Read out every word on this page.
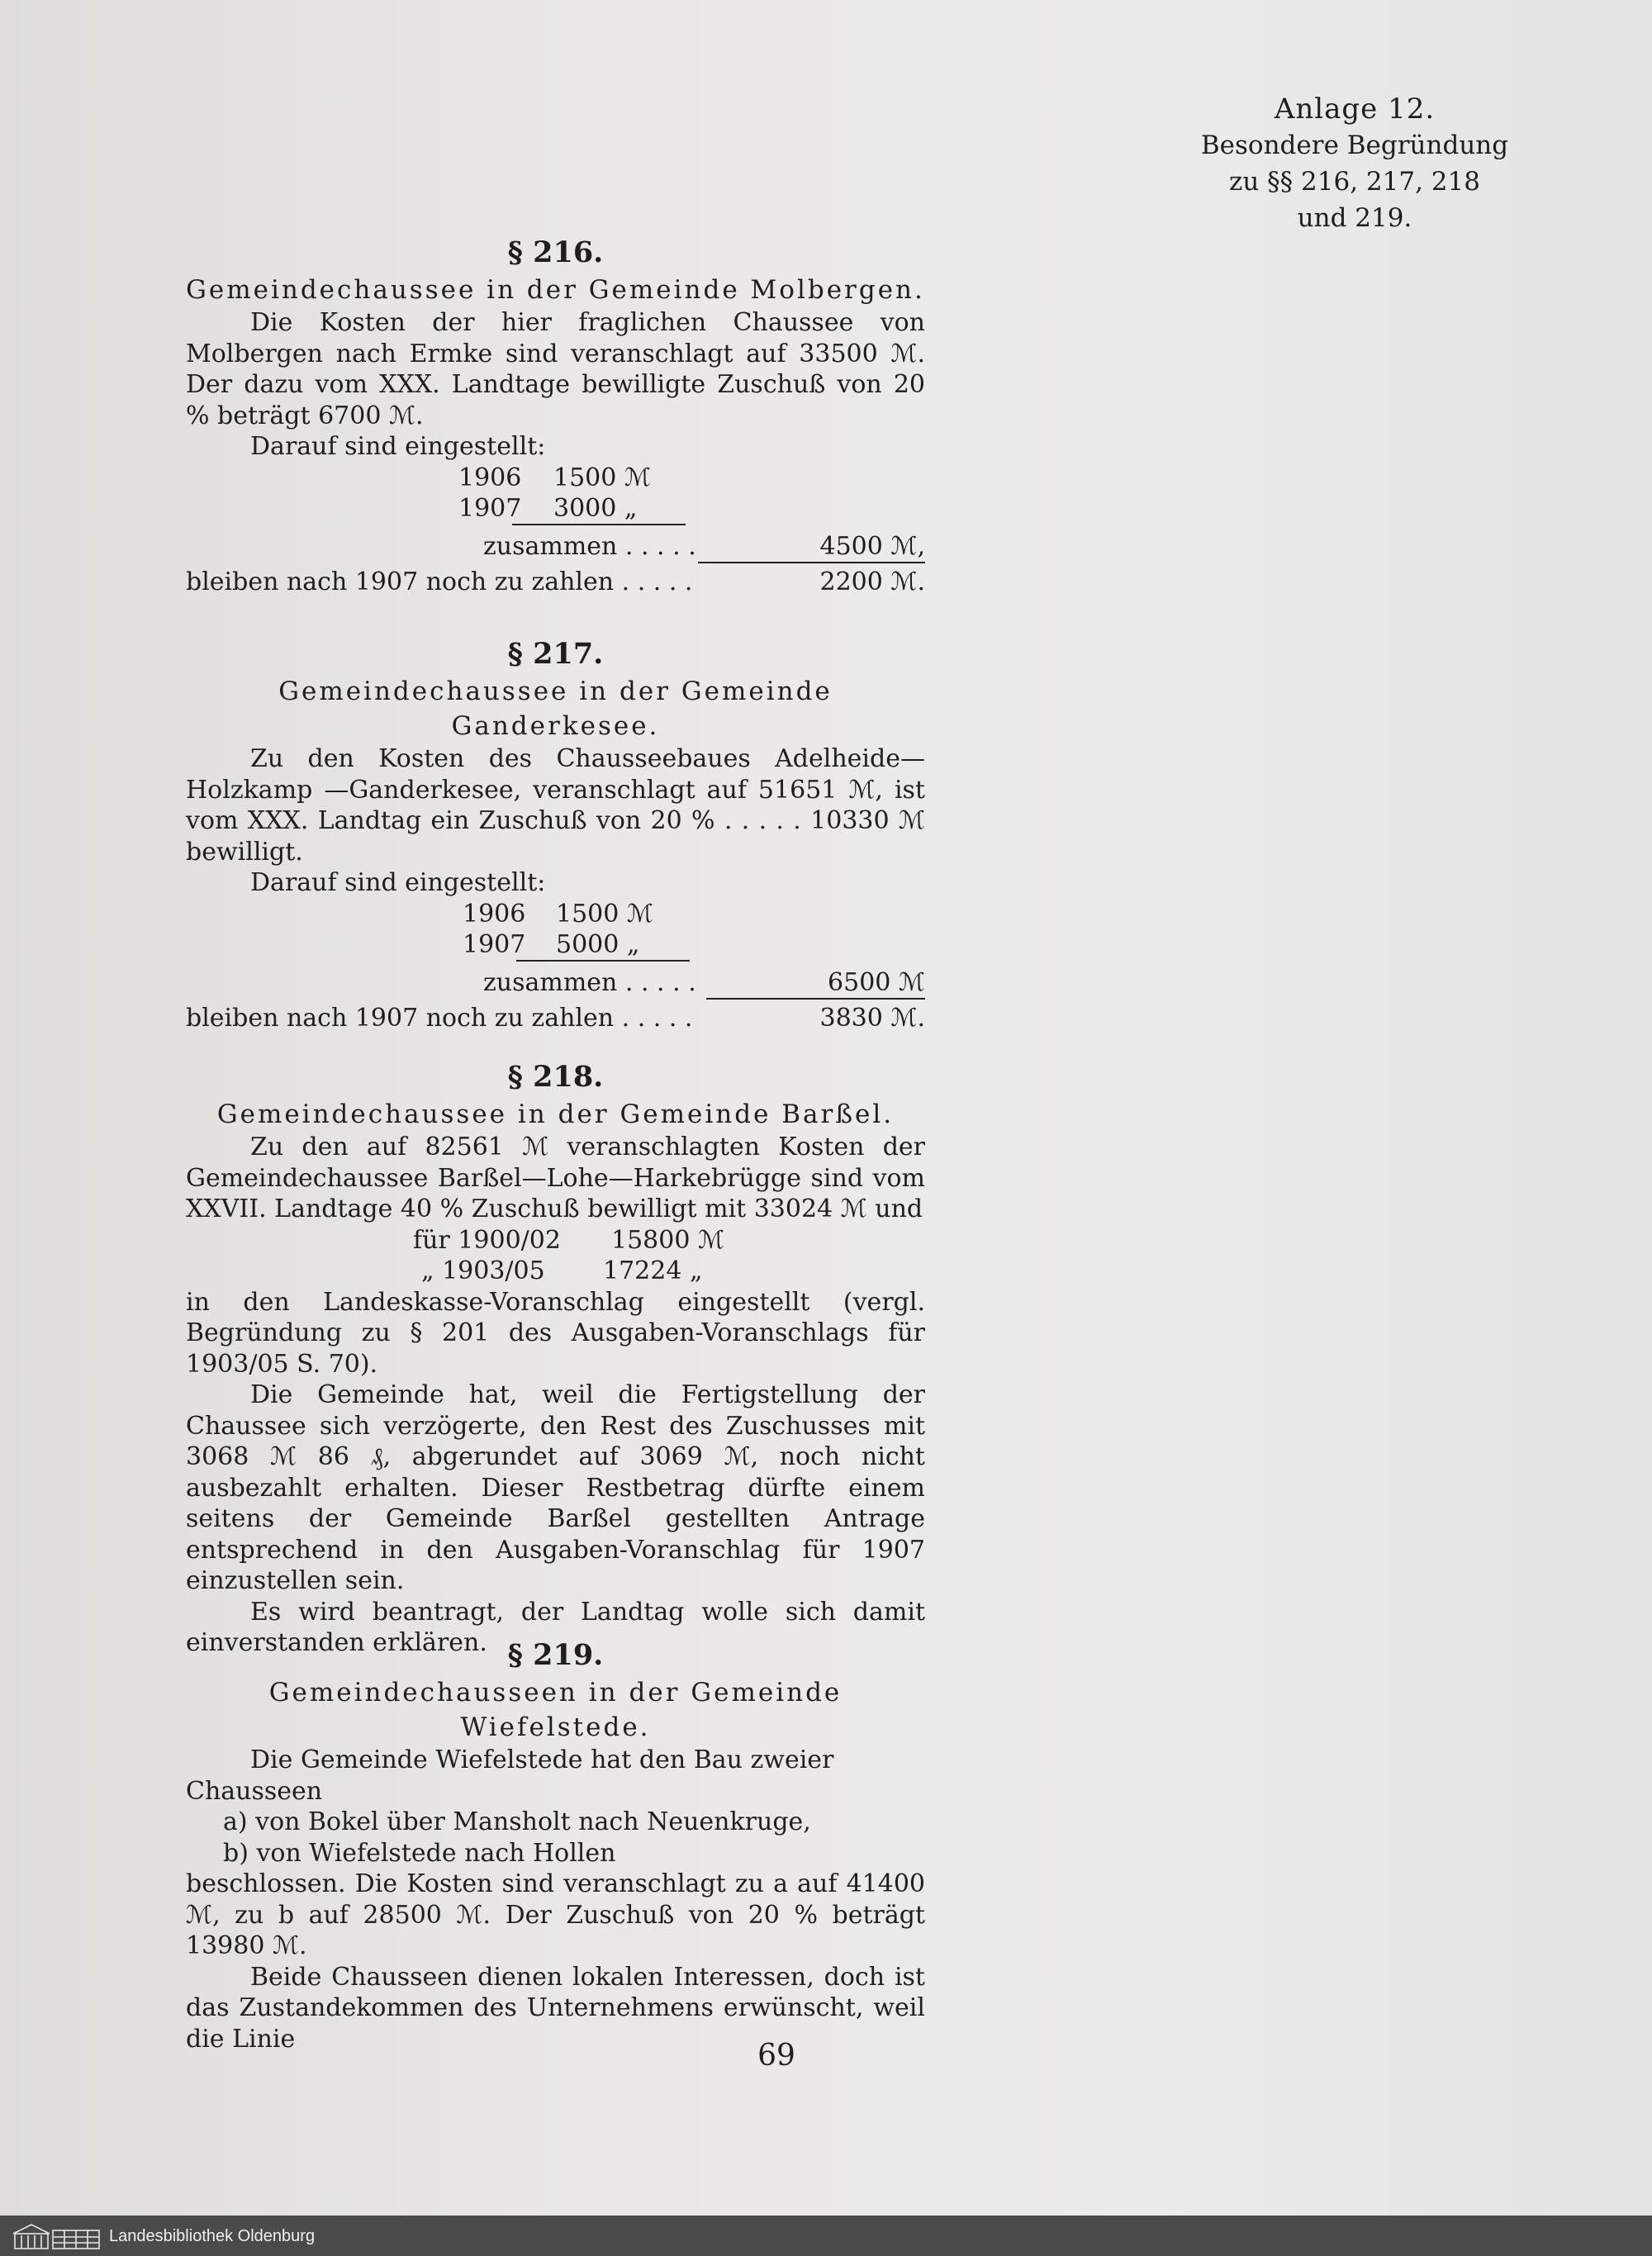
Anlage 12.
Besondere Begründung
zu §§ 216, 217, 218
und 219.

§ 216.

Gemeindechaussee in der Gemeinde Molbergen.

Die Kosten der hier fraglichen Chaussee von Molbergen nach Ermke sind veranschlagt auf 33500 ℳ. Der dazu vom XXX. Landtage bewilligte Zuschuß von 20 % beträgt 6700 ℳ.

Darauf sind eingestellt:

1906 1500 ℳ
1907 3000 „
zusammen . . . . .	4500 ℳ,
bleiben nach 1907 noch zu zahlen . . . . .	2200 ℳ.

§ 217.

Gemeindechaussee in der Gemeinde Ganderkesee.

Zu den Kosten des Chausseebaues Adelheide—Holzkamp —Ganderkesee, veranschlagt auf 51651 ℳ, ist vom XXX. Landtag ein Zuschuß von 20 % . . . . . 10330 ℳ bewilligt.

Darauf sind eingestellt:

1906 1500 ℳ
1907 5000 „
zusammen . . . . .	6500 ℳ
bleiben nach 1907 noch zu zahlen . . . . .	3830 ℳ.

§ 218.

Gemeindechaussee in der Gemeinde Barßel.

Zu den auf 82561 ℳ veranschlagten Kosten der Gemeindechaussee Barßel—Lohe—Harkebrügge sind vom XXVII. Landtage 40 % Zuschuß bewilligt mit 33024 ℳ und

für 1900/02 15800 ℳ
„ 1903/05 17224 „

in den Landeskasse-Voranschlag eingestellt (vergl. Begründung zu § 201 des Ausgaben-Voranschlags für 1903/05 S. 70).

Die Gemeinde hat, weil die Fertigstellung der Chaussee sich verzögerte, den Rest des Zuschusses mit 3068 ℳ 86 ₰, abgerundet auf 3069 ℳ, noch nicht ausbezahlt erhalten. Dieser Restbetrag dürfte einem seitens der Gemeinde Barßel gestellten Antrage entsprechend in den Ausgaben-Voranschlag für 1907 einzustellen sein.

Es wird beantragt, der Landtag wolle sich damit einverstanden erklären. § 219.

Gemeindechausseen in der Gemeinde Wiefelstede.

Die Gemeinde Wiefelstede hat den Bau zweier Chausseen

a) von Bokel über Mansholt nach Neuenkruge,

b) von Wiefelstede nach Hollen

beschlossen. Die Kosten sind veranschlagt zu a auf 41400 ℳ, zu b auf 28500 ℳ. Der Zuschuß von 20 % beträgt 13980 ℳ.

Beide Chausseen dienen lokalen Interessen, doch ist das Zustandekommen des Unternehmens erwünscht, weil die Linie	69
Landesbibliothek Oldenburg
